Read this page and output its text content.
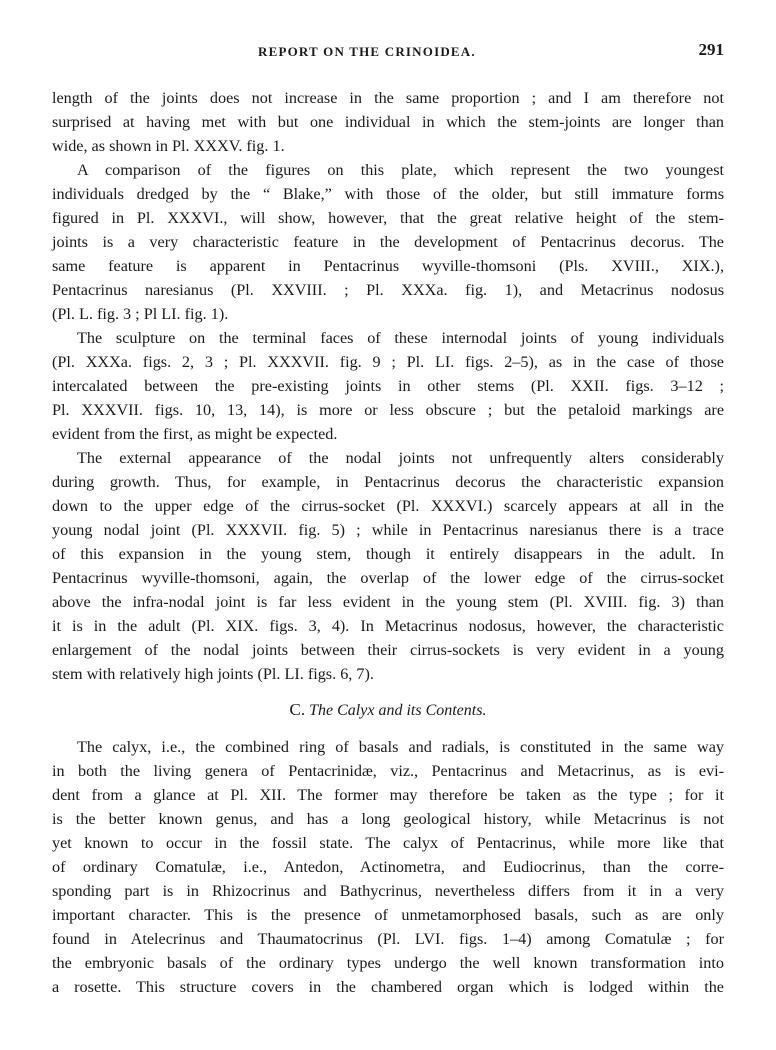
REPORT ON THE CRINOIDEA.	291
length of the joints does not increase in the same proportion ; and I am therefore not
surprised at having met with but one individual in which the stem-joints are longer than
wide, as shown in Pl. XXXV. fig. 1.
A comparison of the figures on this plate, which represent the two youngest
individuals dredged by the “ Blake,” with those of the older, but still immature forms
figured in Pl. XXXVI., will show, however, that the great relative height of the stem-
joints is a very characteristic feature in the development of Pentacrinus decorus. The
same feature is apparent in Pentacrinus wyville-thomsoni (Pls. XVIII., XIX.),
Pentacrinus naresianus (Pl. XXVIII. ; Pl. XXXa. fig. 1), and Metacrinus nodosus
(Pl. L. fig. 3 ; Pl LI. fig. 1).
The sculpture on the terminal faces of these internodal joints of young individuals
(Pl. XXXa. figs. 2, 3 ; Pl. XXXVII. fig. 9 ; Pl. LI. figs. 2–5), as in the case of those
intercalated between the pre-existing joints in other stems (Pl. XXII. figs. 3–12 ;
Pl. XXXVII. figs. 10, 13, 14), is more or less obscure ; but the petaloid markings are
evident from the first, as might be expected.
The external appearance of the nodal joints not unfrequently alters considerably
during growth. Thus, for example, in Pentacrinus decorus the characteristic expansion
down to the upper edge of the cirrus-socket (Pl. XXXVI.) scarcely appears at all in the
young nodal joint (Pl. XXXVII. fig. 5) ; while in Pentacrinus naresianus there is a trace
of this expansion in the young stem, though it entirely disappears in the adult. In
Pentacrinus wyville-thomsoni, again, the overlap of the lower edge of the cirrus-socket
above the infra-nodal joint is far less evident in the young stem (Pl. XVIII. fig. 3) than
it is in the adult (Pl. XIX. figs. 3, 4). In Metacrinus nodosus, however, the characteristic
enlargement of the nodal joints between their cirrus-sockets is very evident in a young
stem with relatively high joints (Pl. LI. figs. 6, 7).
C. The Calyx and its Contents.
The calyx, i.e., the combined ring of basals and radials, is constituted in the same way
in both the living genera of Pentacrinidæ, viz., Pentacrinus and Metacrinus, as is evi-
dent from a glance at Pl. XII. The former may therefore be taken as the type ; for it
is the better known genus, and has a long geological history, while Metacrinus is not
yet known to occur in the fossil state. The calyx of Pentacrinus, while more like that
of ordinary Comatulæ, i.e., Antedon, Actinometra, and Eudiocrinus, than the corre-
sponding part is in Rhizocrinus and Bathycrinus, nevertheless differs from it in a very
important character. This is the presence of unmetamorphosed basals, such as are only
found in Atelecrinus and Thaumatocrinus (Pl. LVI. figs. 1–4) among Comatulæ ; for
the embryonic basals of the ordinary types undergo the well known transformation into
a rosette. This structure covers in the chambered organ which is lodged within the
